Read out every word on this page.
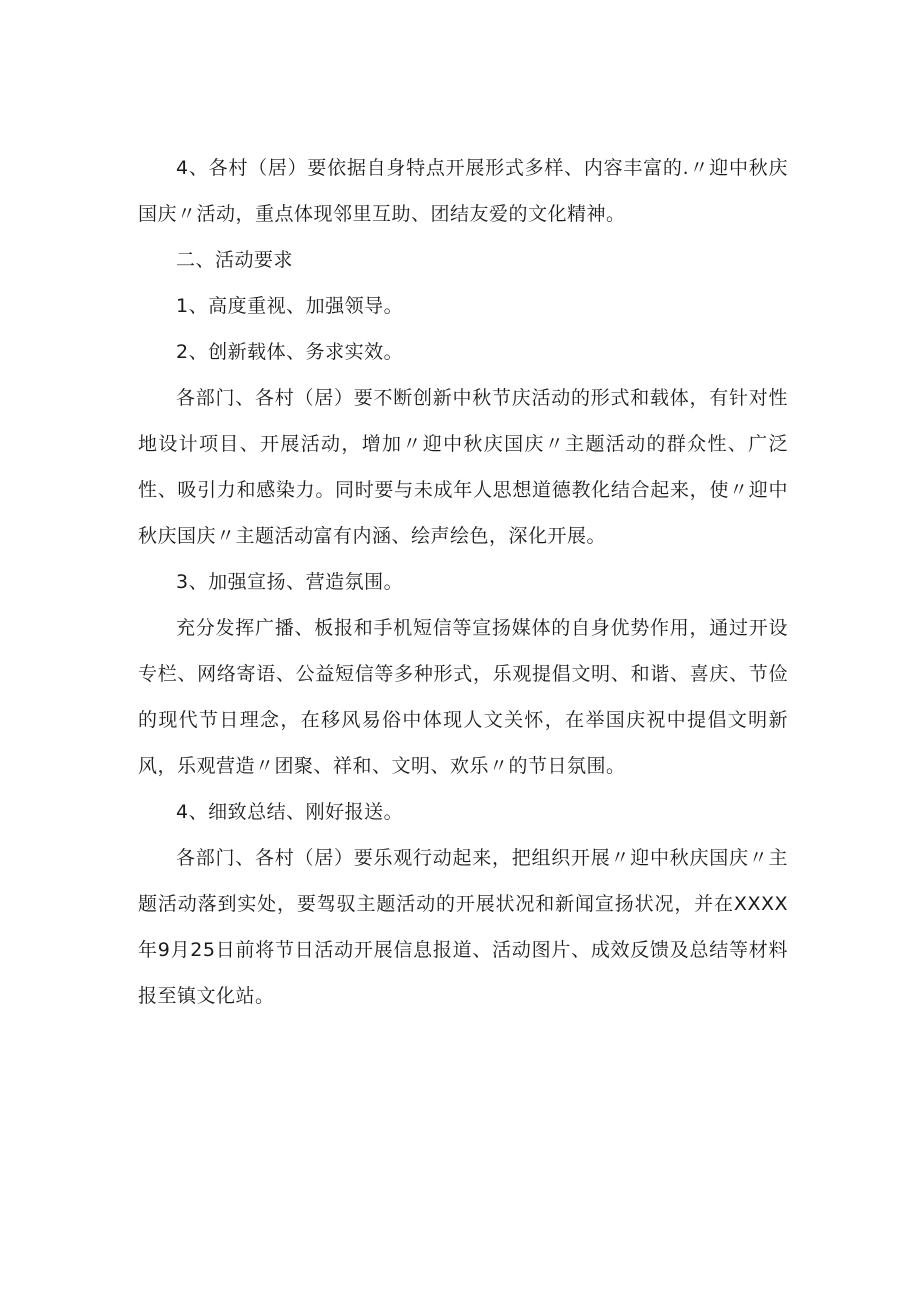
4、各村（居）要依据自身特点开展形式多样、内容丰富的.〃迎中秋庆国庆〃活动，重点体现邻里互助、团结友爱的文化精神。

二、活动要求

1、高度重视、加强领导。

2、创新载体、务求实效。

各部门、各村（居）要不断创新中秋节庆活动的形式和载体，有针对性地设计项目、开展活动，增加〃迎中秋庆国庆〃主题活动的群众性、广泛性、吸引力和感染力。同时要与未成年人思想道德教化结合起来，使〃迎中秋庆国庆〃主题活动富有内涵、绘声绘色，深化开展。

3、加强宣扬、营造氛围。

充分发挥广播、板报和手机短信等宣扬媒体的自身优势作用，通过开设专栏、网络寄语、公益短信等多种形式，乐观提倡文明、和谐、喜庆、节俭的现代节日理念，在移风易俗中体现人文关怀，在举国庆祝中提倡文明新风，乐观营造〃团聚、祥和、文明、欢乐〃的节日氛围。

4、细致总结、刚好报送。

各部门、各村（居）要乐观行动起来，把组织开展〃迎中秋庆国庆〃主题活动落到实处，要驾驭主题活动的开展状况和新闻宣扬状况，并在XXXX年9月25日前将节日活动开展信息报道、活动图片、成效反馈及总结等材料报至镇文化站。
